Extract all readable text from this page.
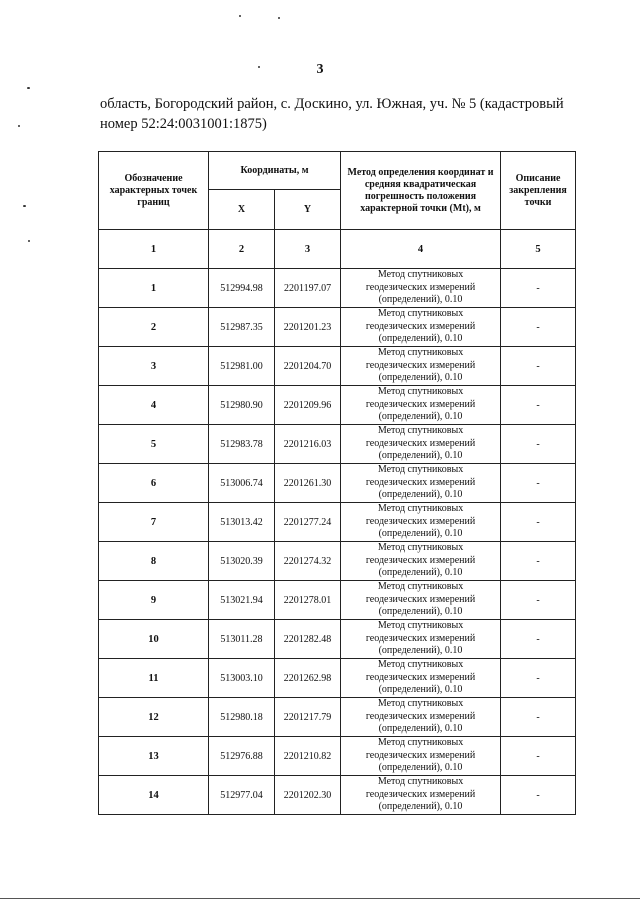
3
область, Богородский район, с. Доскино, ул. Южная, уч. № 5 (кадастровый
номер 52:24:0031001:1875)
Обозначение характерных точек границ	Координаты, м		Метод определения координат и средняя квадратическая погрешность положения характерной точки (Mt), м	Описание закрепления точки
	X	Y		
1	2	3	4	5
1	512994.98	2201197.07	Метод спутниковых
геодезических измерений
(определений), 0.10	-
2	512987.35	2201201.23	Метод спутниковых
геодезических измерений
(определений), 0.10	-
3	512981.00	2201204.70	Метод спутниковых
геодезических измерений
(определений), 0.10	-
4	512980.90	2201209.96	Метод спутниковых
геодезических измерений
(определений), 0.10	-
5	512983.78	2201216.03	Метод спутниковых
геодезических измерений
(определений), 0.10	-
6	513006.74	2201261.30	Метод спутниковых
геодезических измерений
(определений), 0.10	-
7	513013.42	2201277.24	Метод спутниковых
геодезических измерений
(определений), 0.10	-
8	513020.39	2201274.32	Метод спутниковых
геодезических измерений
(определений), 0.10	-
9	513021.94	2201278.01	Метод спутниковых
геодезических измерений
(определений), 0.10	-
10	513011.28	2201282.48	Метод спутниковых
геодезических измерений
(определений), 0.10	-
11	513003.10	2201262.98	Метод спутниковых
геодезических измерений
(определений), 0.10	-
12	512980.18	2201217.79	Метод спутниковых
геодезических измерений
(определений), 0.10	-
13	512976.88	2201210.82	Метод спутниковых
геодезических измерений
(определений), 0.10	-
14	512977.04	2201202.30	Метод спутниковых
геодезических измерений
(определений), 0.10	-
